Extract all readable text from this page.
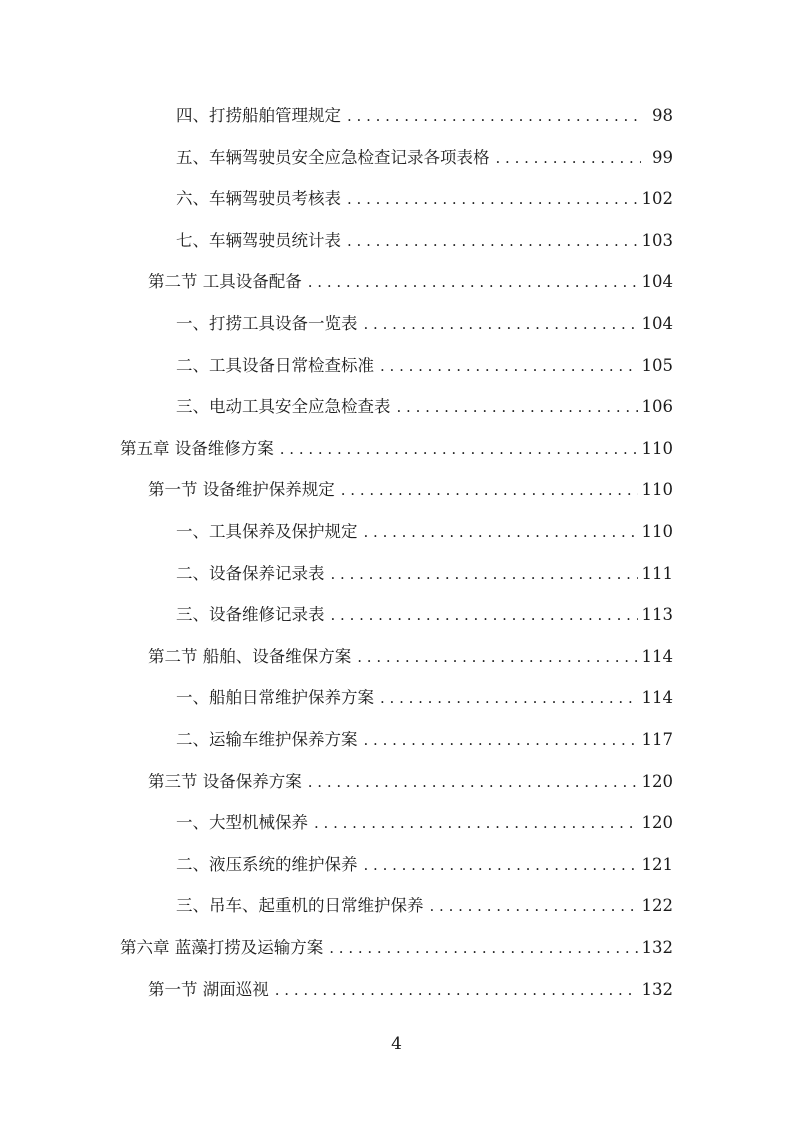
四、打捞船舶管理规定 . . .	98
五、车辆驾驶员安全应急检查记录各项表格 . . .	99
六、车辆驾驶员考核表 . . .	102
七、车辆驾驶员统计表 . . .	103
第二节 工具设备配备 . . .	104
一、打捞工具设备一览表 . . .	104
二、工具设备日常检查标准 . . .	105
三、电动工具安全应急检查表 . . .	106
第五章 设备维修方案 . . .	110
第一节 设备维护保养规定 . . .	110
一、工具保养及保护规定 . . .	110
二、设备保养记录表 . . .	111
三、设备维修记录表 . . .	113
第二节 船舶、设备维保方案 . . .	114
一、船舶日常维护保养方案 . . .	114
二、运输车维护保养方案 . . .	117
第三节 设备保养方案 . . .	120
一、大型机械保养 . . .	120
二、液压系统的维护保养 . . .	121
三、吊车、起重机的日常维护保养 . . .	122
第六章 蓝藻打捞及运输方案 . . .	132
第一节 湖面巡视 . . .	132
4
